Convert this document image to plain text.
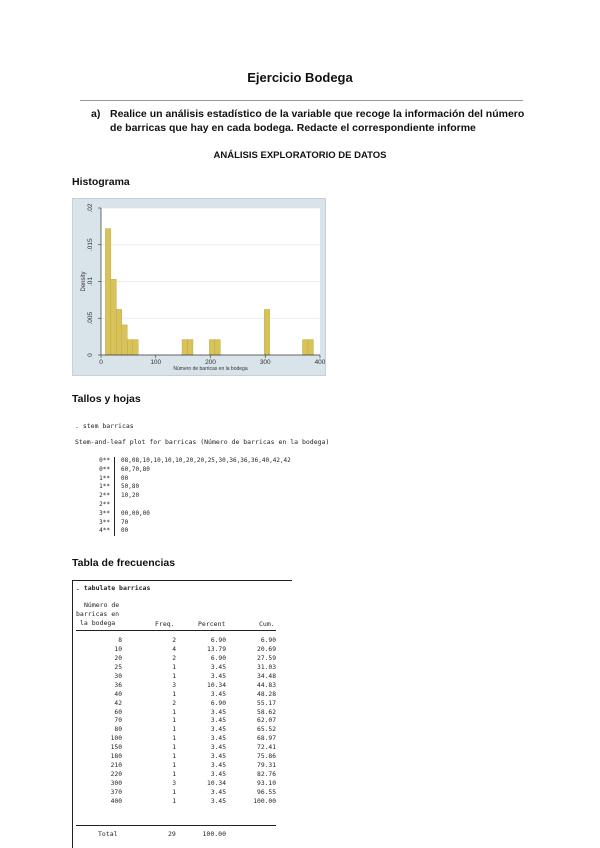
Ejercicio Bodega
a) Realice un análisis estadístico de la variable que recoge la información del número de barricas que hay en cada bodega. Redacte el correspondiente informe
ANÁLISIS EXPLORATORIO DE DATOS
Histograma
0
.005
.01
.015
.02
0	100	200	300	400
Número de barricas en la bodega
Density
Tallos y hojas
. stem barricas
Stem-and-leaf plot for barricas (Número de barricas en la bodega)
0** 08,08,10,10,10,10,20,20,25,30,36,36,36,40,42,42
0** 60,70,80
1** 00
1** 50,80
2** 10,20
2**
3** 00,00,00
3** 70
4** 00
Tabla de frecuencias
. tabulate barricas
Número de
barricas en
la bodega	Freq.	Percent	Cum.
8	2	6.90	6.90
10	4	13.79	20.69
20	2	6.90	27.59
25	1	3.45	31.03
30	1	3.45	34.48
36	3	10.34	44.83
40	1	3.45	48.28
42	2	6.90	55.17
60	1	3.45	58.62
70	1	3.45	62.07
80	1	3.45	65.52
100	1	3.45	68.97
150	1	3.45	72.41
180	1	3.45	75.86
210	1	3.45	79.31
220	1	3.45	82.76
300	3	10.34	93.10
370	1	3.45	96.55
400	1	3.45	100.00
Total	29	100.00
